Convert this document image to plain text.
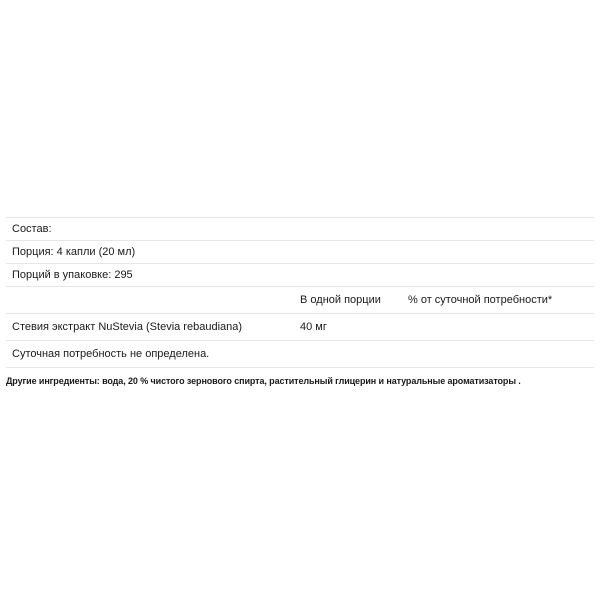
Состав:		
Порция: 4 капли (20 мл)		
Порций в упаковке: 295		
	В одной порции	% от суточной потребности*
Стевия экстракт NuStevia (Stevia rebaudiana)	40 мг	
Суточная потребность не определена.		

Другие ингредиенты: вода, 20 % чистого зернового спирта, растительный глицерин и натуральные ароматизаторы .
